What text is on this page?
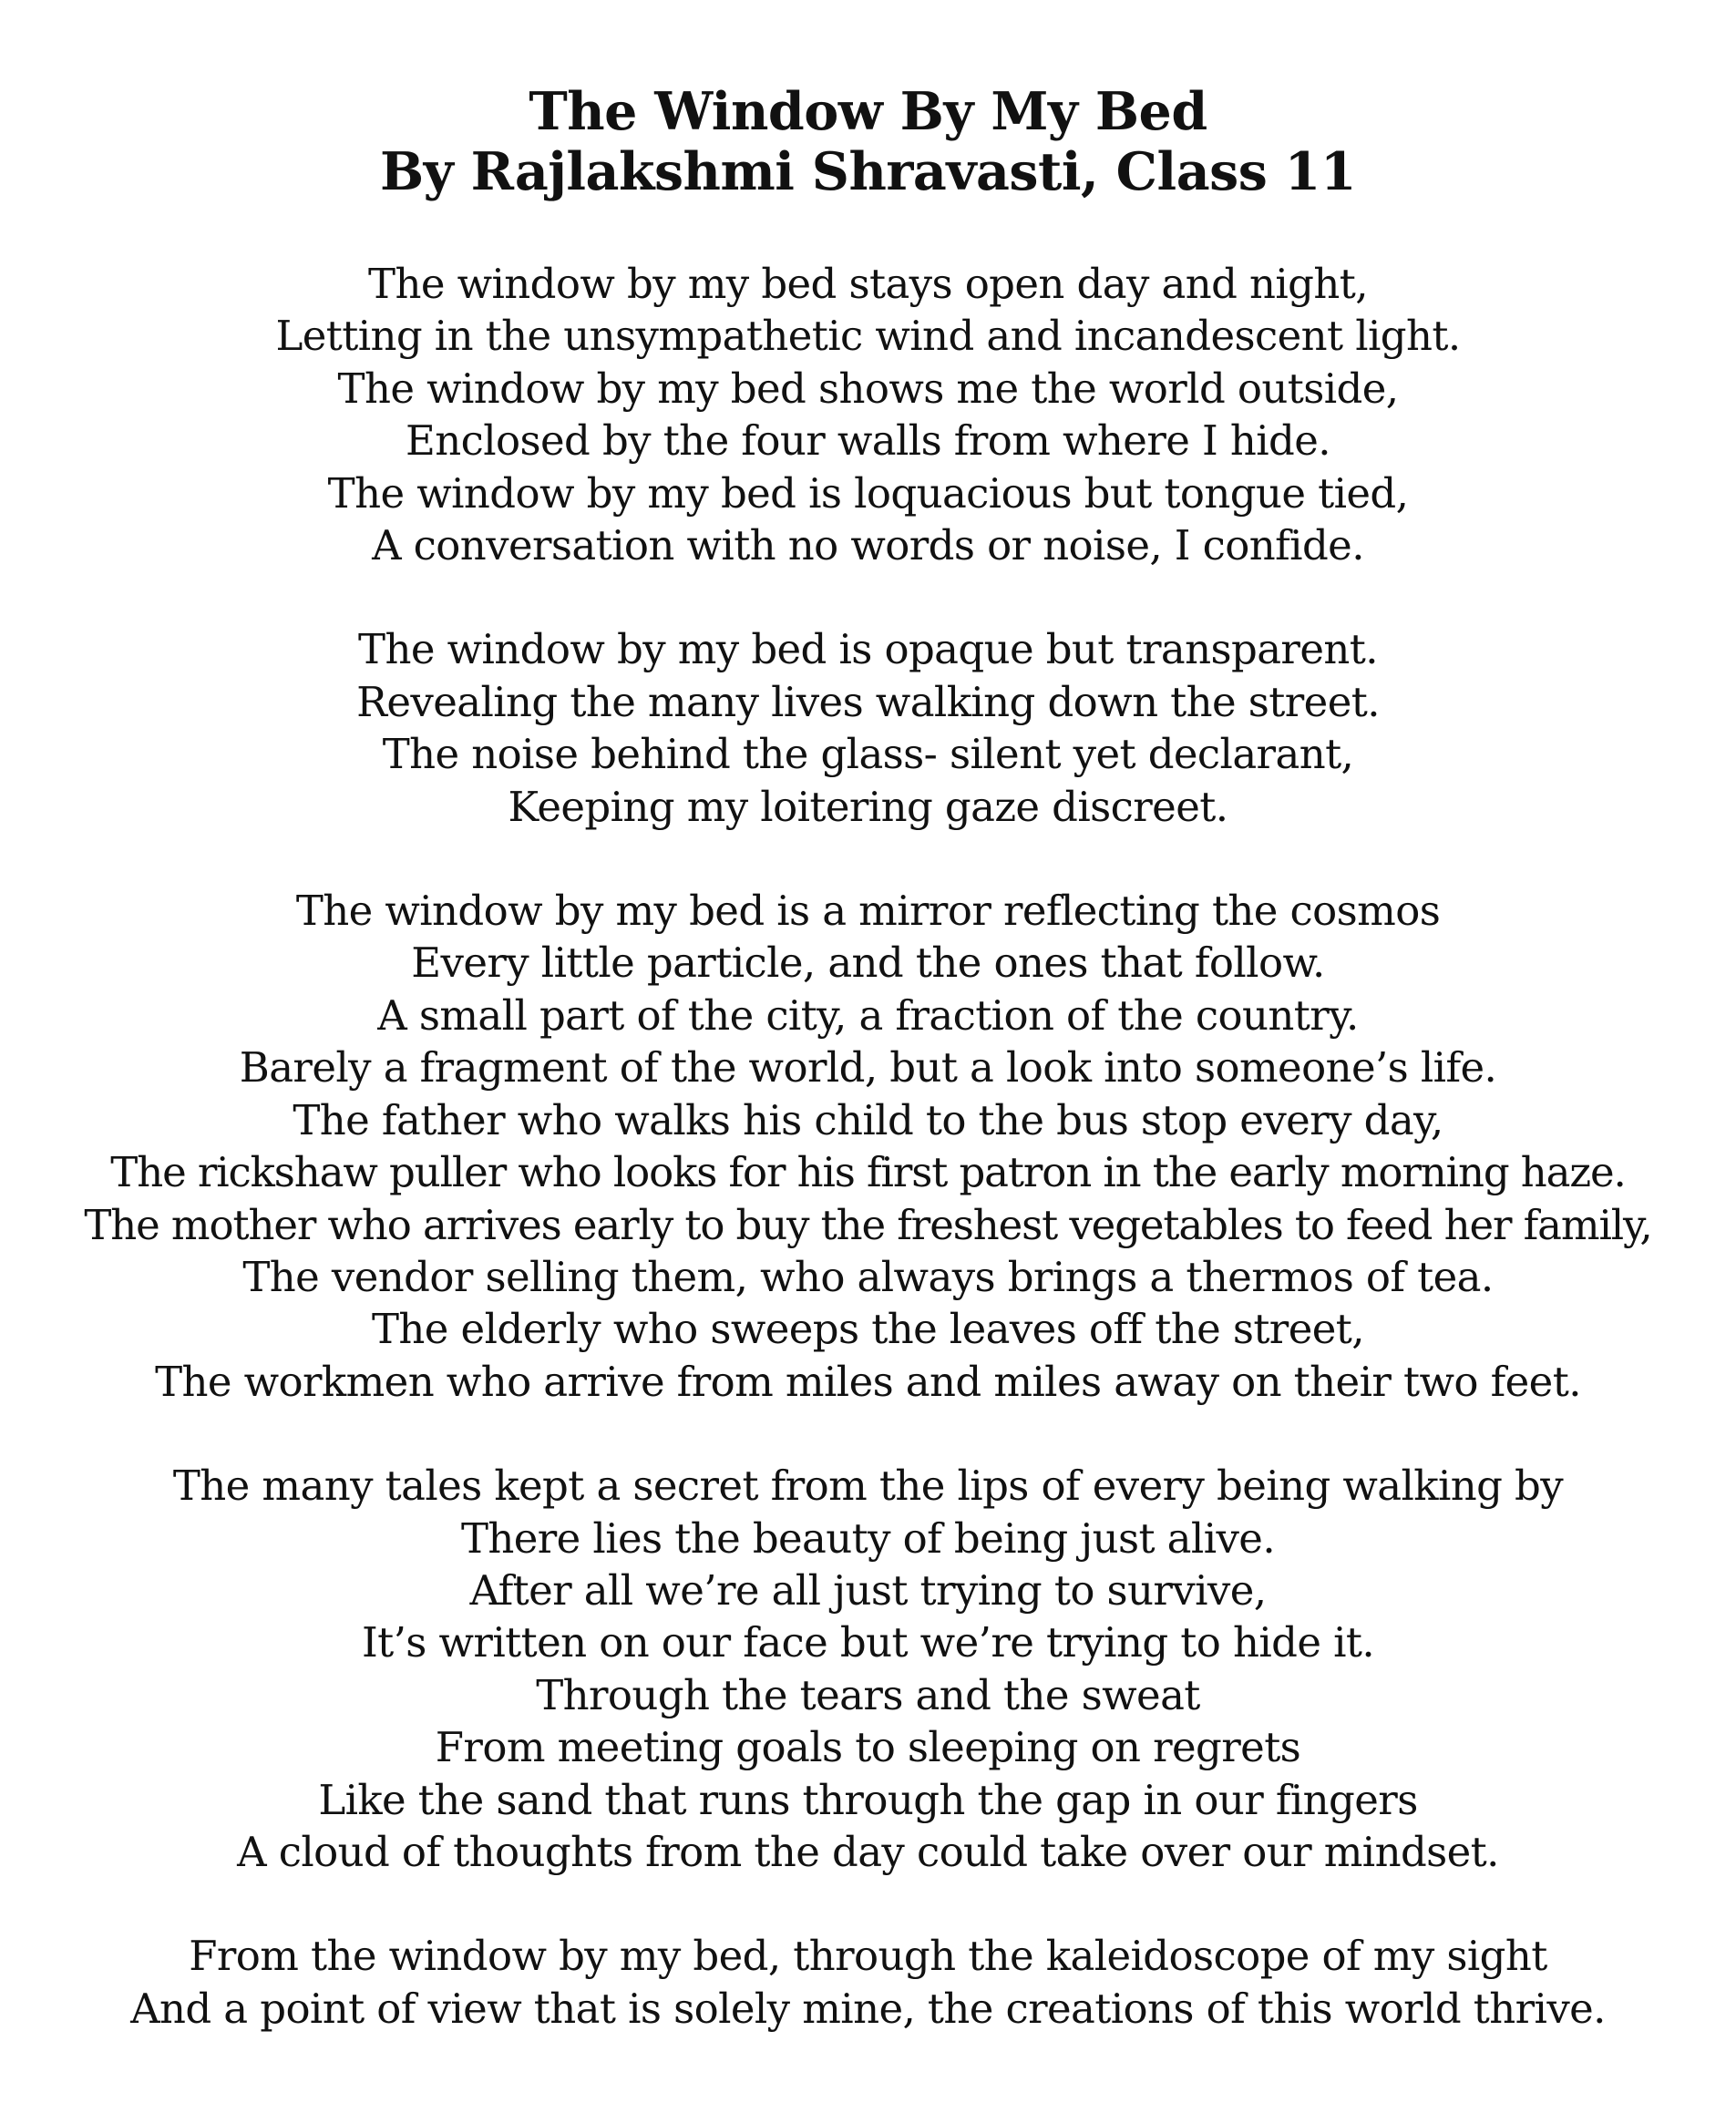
The Window By My Bed
By Rajlakshmi Shravasti, Class 11
The window by my bed stays open day and night,
Letting in the unsympathetic wind and incandescent light.
The window by my bed shows me the world outside,
Enclosed by the four walls from where I hide.
The window by my bed is loquacious but tongue tied,
A conversation with no words or noise, I confide.
The window by my bed is opaque but transparent.
Revealing the many lives walking down the street.
The noise behind the glass- silent yet declarant,
Keeping my loitering gaze discreet.
The window by my bed is a mirror reflecting the cosmos
Every little particle, and the ones that follow.
A small part of the city, a fraction of the country.
Barely a fragment of the world, but a look into someone’s life.
The father who walks his child to the bus stop every day,
The rickshaw puller who looks for his first patron in the early morning haze.
The mother who arrives early to buy the freshest vegetables to feed her family,
The vendor selling them, who always brings a thermos of tea.
The elderly who sweeps the leaves off the street,
The workmen who arrive from miles and miles away on their two feet.
The many tales kept a secret from the lips of every being walking by
There lies the beauty of being just alive.
After all we’re all just trying to survive,
It’s written on our face but we’re trying to hide it.
Through the tears and the sweat
From meeting goals to sleeping on regrets
Like the sand that runs through the gap in our fingers
A cloud of thoughts from the day could take over our mindset.
From the window by my bed, through the kaleidoscope of my sight
And a point of view that is solely mine, the creations of this world thrive.
